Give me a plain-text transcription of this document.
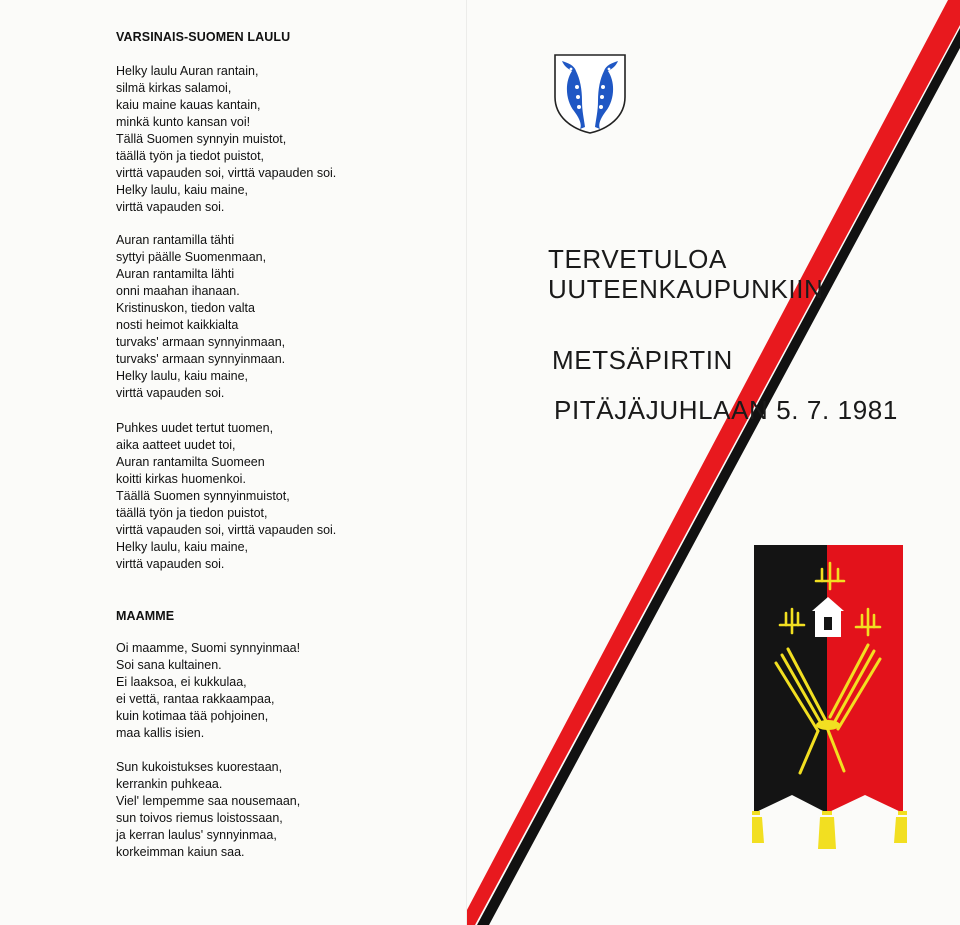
VARSINAIS-SUOMEN LAULU
Helky laulu Auran rantain,
silmä kirkas salamoi,
kaiu maine kauas kantain,
minkä kunto kansan voi!
Tällä Suomen synnyin muistot,
täällä työn ja tiedot puistot,
virttä vapauden soi, virttä vapauden soi.
Helky laulu, kaiu maine,
virttä vapauden soi.
Auran rantamilla tähti
syttyi päälle Suomenmaan,
Auran rantamilta lähti
onni maahan ihanaan.
Kristinuskon, tiedon valta
nosti heimot kaikkialta
turvaks' armaan synnyinmaan,
turvaks' armaan synnyinmaan.
Helky laulu, kaiu maine,
virttä vapauden soi.
Puhkes uudet tertut tuomen,
aika aatteet uudet toi,
Auran rantamilta Suomeen
koitti kirkas huomenkoi.
Täällä Suomen synnyinmuistot,
täällä työn ja tiedon puistot,
virttä vapauden soi, virttä vapauden soi.
Helky laulu, kaiu maine,
virttä vapauden soi.
MAAMME
Oi maamme, Suomi synnyinmaa!
Soi sana kultainen.
Ei laaksoa, ei kukkulaa,
ei vettä, rantaa rakkaampaa,
kuin kotimaa tää pohjoinen,
maa kallis isien.
Sun kukoistukses kuorestaan,
kerrankin puhkeaa.
Viel' lempemme saa nousemaan,
sun toivos riemus loistossaan,
ja kerran laulus' synnyinmaa,
korkeimman kaiun saa.
TERVETULOA
UUTEENKAUPUNKIIN
METSÄPIRTIN
PITÄJÄJUHLAAN 5. 7. 1981
